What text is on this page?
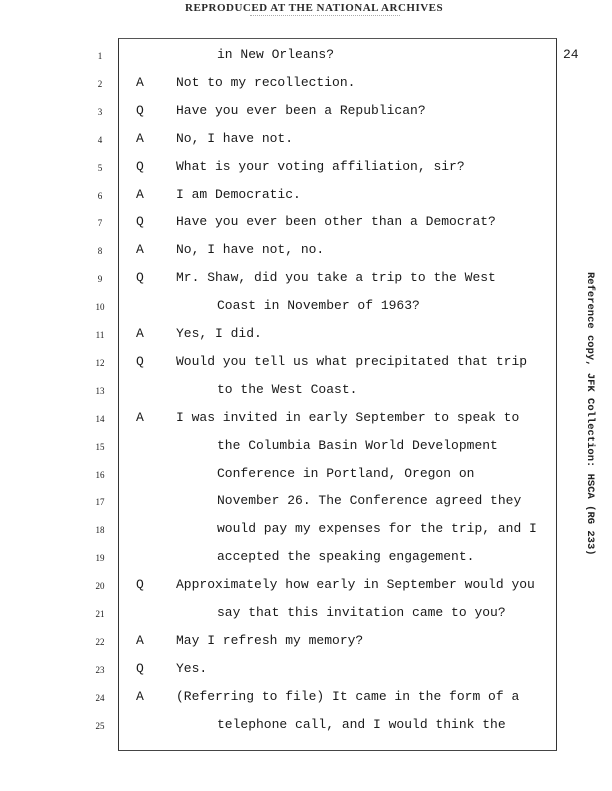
REPRODUCED AT THE NATIONAL ARCHIVES
24
Reference copy, JFK Collection: HSCA (RG 233)
1	in New Orleans?
2	A Not to my recollection.
3	Q Have you ever been a Republican?
4	A No, I have not.
5	Q What is your voting affiliation, sir?
6	A I am Democratic.
7	Q Have you ever been other than a Democrat?
8	A No, I have not, no.
9	Q Mr. Shaw, did you take a trip to the West
10	Coast in November of 1963?
11 A Yes, I did.
12 Q Would you tell us what precipitated that trip
13	to the West Coast.
14 A I was invited in early September to speak to
15	the Columbia Basin World Development
16	Conference in Portland, Oregon on
17	November 26. The Conference agreed they
18	would pay my expenses for the trip, and I
19	accepted the speaking engagement.
20 Q Approximately how early in September would you
21	say that this invitation came to you?
22 A May I refresh my memory?
23 Q Yes.
24 A (Referring to file) It came in the form of a
25	telephone call, and I would think the
